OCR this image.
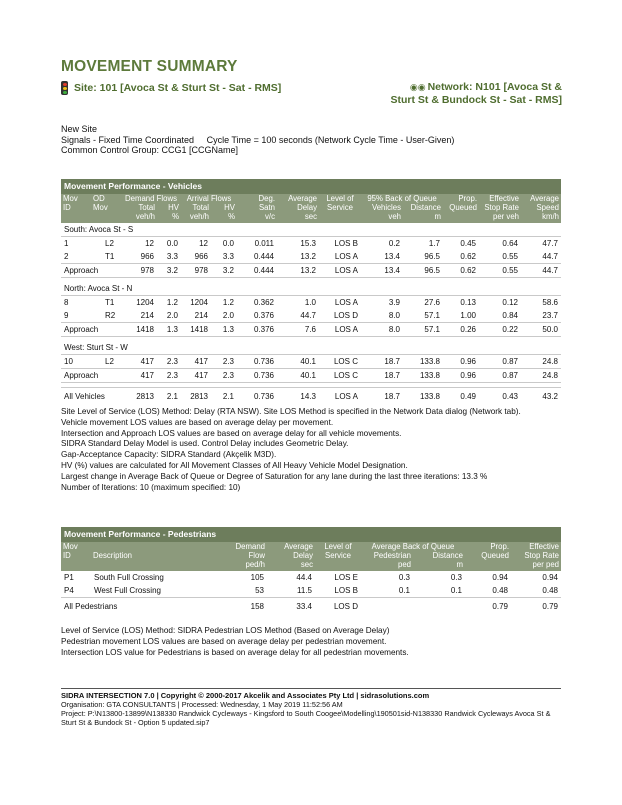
MOVEMENT SUMMARY
Site: 101 [Avoca St & Sturt St - Sat - RMS]	◉◉ Network: N101 [Avoca St & Sturt St & Bundock St - Sat - RMS]
New Site
Signals - Fixed Time Coordinated     Cycle Time = 100 seconds (Network Cycle Time - User-Given)
Common Control Group: CCG1 [CCGName]
Movement Performance - Vehicles
Mov	OD	Demand Flows		Arrival Flows		Deg.	Average	Level of	95% Back of Queue		Prop.	Effective	Average
ID	Mov	Total	HV	Total	HV	Satn	Delay	Service	Vehicles	Distance	Queued	Stop Rate	Speed
		veh/h	%	veh/h	%	v/c	sec		veh	m		per veh	km/h
South: Avoca St - S													
1	L2	12	0.0	12	0.0	0.011	15.3	LOS B	0.2	1.7	0.45	0.64	47.7
2	T1	966	3.3	966	3.3	0.444	13.2	LOS A	13.4	96.5	0.62	0.55	44.7
Approach		978	3.2	978	3.2	0.444	13.2	LOS A	13.4	96.5	0.62	0.55	44.7

North: Avoca St - N													
8	T1	1204	1.2	1204	1.2	0.362	1.0	LOS A	3.9	27.6	0.13	0.12	58.6
9	R2	214	2.0	214	2.0	0.376	44.7	LOS D	8.0	57.1	1.00	0.84	23.7
Approach		1418	1.3	1418	1.3	0.376	7.6	LOS A	8.0	57.1	0.26	0.22	50.0

West: Sturt St - W													
10	L2	417	2.3	417	2.3	0.736	40.1	LOS C	18.7	133.8	0.96	0.87	24.8
Approach		417	2.3	417	2.3	0.736	40.1	LOS C	18.7	133.8	0.96	0.87	24.8

All Vehicles		2813	2.1	2813	2.1	0.736	14.3	LOS A	18.7	133.8	0.49	0.43	43.2
Site Level of Service (LOS) Method: Delay (RTA NSW). Site LOS Method is specified in the Network Data dialog (Network tab).
Vehicle movement LOS values are based on average delay per movement.
Intersection and Approach LOS values are based on average delay for all vehicle movements.
SIDRA Standard Delay Model is used. Control Delay includes Geometric Delay.
Gap-Acceptance Capacity: SIDRA Standard (Akçelik M3D).
HV (%) values are calculated for All Movement Classes of All Heavy Vehicle Model Designation.
Largest change in Average Back of Queue or Degree of Saturation for any lane during the last three iterations: 13.3 %
Number of Iterations: 10 (maximum specified: 10)
Movement Performance - Pedestrians
Mov		Demand	Average	Level of	Average Back of Queue		Prop.	Effective
ID	Description	Flow	Delay	Service	Pedestrian	Distance	Queued	Stop Rate
		ped/h	sec		ped	m		per ped
P1	South Full Crossing	105	44.4	LOS E	0.3	0.3	0.94	0.94
P4	West Full Crossing	53	11.5	LOS B	0.1	0.1	0.48	0.48
All Pedestrians		158	33.4	LOS D			0.79	0.79
Level of Service (LOS) Method: SIDRA Pedestrian LOS Method (Based on Average Delay)
Pedestrian movement LOS values are based on average delay per pedestrian movement.
Intersection LOS value for Pedestrians is based on average delay for all pedestrian movements.
SIDRA INTERSECTION 7.0 | Copyright © 2000-2017 Akcelik and Associates Pty Ltd | sidrasolutions.com
Organisation: GTA CONSULTANTS | Processed: Wednesday, 1 May 2019 11:52:56 AM
Project: P:\N13800-13899\N138330 Randwick Cycleways - Kingsford to South Coogee\Modelling\190501sid-N138330 Randwick Cycleways Avoca St & Sturt St & Bundock St - Option 5 updated.sip7
